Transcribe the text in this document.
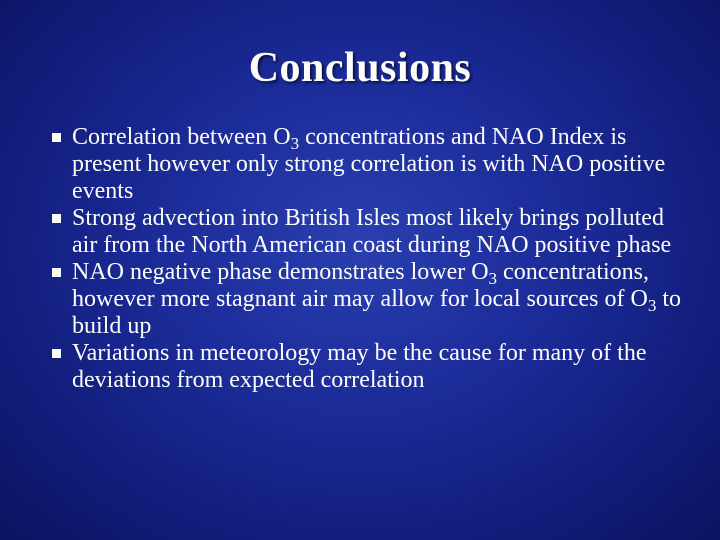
Conclusions
Correlation between $O_3$ concentrations and NAO Index is present however only strong correlation is with NAO positive events
Strong advection into British Isles most likely brings polluted air from the North American coast during NAO positive phase
NAO negative phase demonstrates lower $O_3$ concentrations, however more stagnant air may allow for local sources of $O_3$ to build up
Variations in meteorology may be the cause for many of the deviations from expected correlation
